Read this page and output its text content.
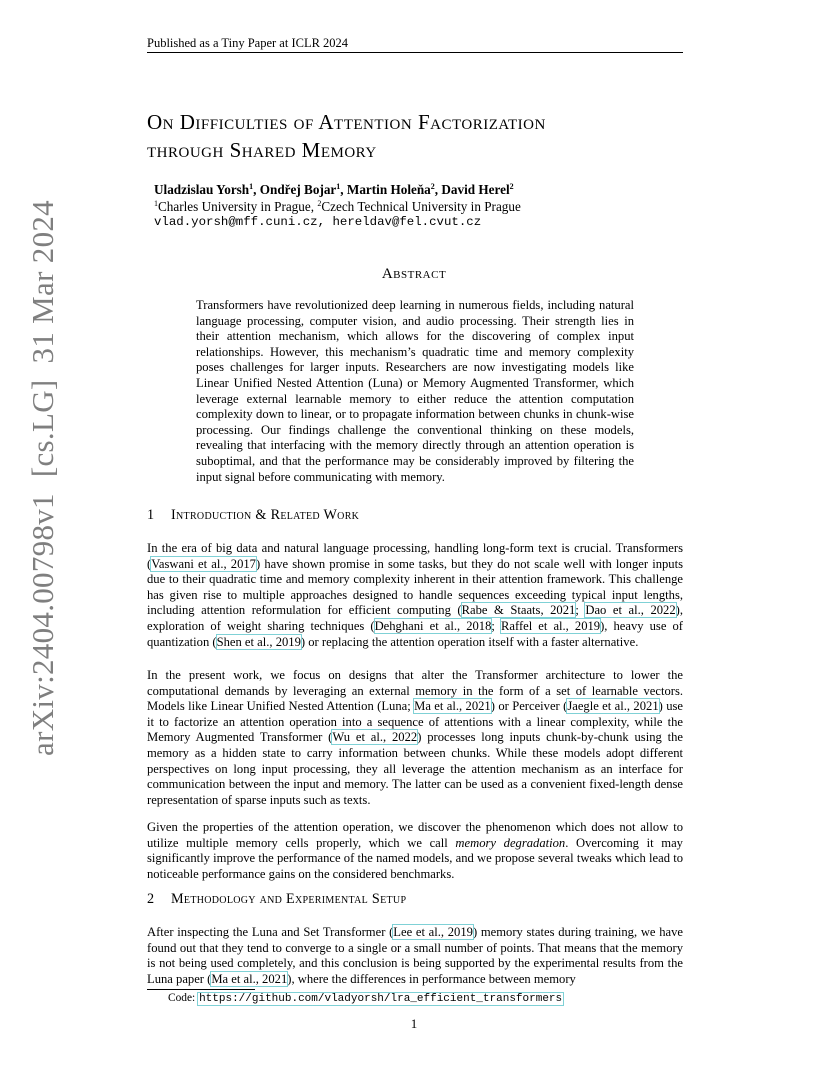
Published as a Tiny Paper at ICLR 2024
On Difficulties of Attention Factorization
through Shared Memory
Uladzislau Yorsh$^1$, Ondřej Bojar$^1$, Martin Holeňa$^2$, David Herel$^2$
$^1$Charles University in Prague, $^2$Czech Technical University in Prague
vlad.yorsh@mff.cuni.cz, hereldav@fel.cvut.cz
Abstract
Transformers have revolutionized deep learning in numerous fields, including natural language processing, computer vision, and audio processing. Their strength lies in their attention mechanism, which allows for the discovering of complex input relationships. However, this mechanism’s quadratic time and memory complexity poses challenges for larger inputs. Researchers are now investigating models like Linear Unified Nested Attention (Luna) or Memory Augmented Transformer, which leverage external learnable memory to either reduce the attention computation complexity down to linear, or to propagate information between chunks in chunk-wise processing. Our findings challenge the conventional thinking on these models, revealing that interfacing with the memory directly through an attention operation is suboptimal, and that the performance may be considerably improved by filtering the input signal before communicating with memory.
1 Introduction & Related Work
In the era of big data and natural language processing, handling long-form text is crucial. Transformers (Vaswani et al., 2017) have shown promise in some tasks, but they do not scale well with longer inputs due to their quadratic time and memory complexity inherent in their attention framework. This challenge has given rise to multiple approaches designed to handle sequences exceeding typical input lengths, including attention reformulation for efficient computing (Rabe & Staats, 2021; Dao et al., 2022), exploration of weight sharing techniques (Dehghani et al., 2018; Raffel et al., 2019), heavy use of quantization (Shen et al., 2019) or replacing the attention operation itself with a faster alternative.
In the present work, we focus on designs that alter the Transformer architecture to lower the computational demands by leveraging an external memory in the form of a set of learnable vectors. Models like Linear Unified Nested Attention (Luna; Ma et al., 2021) or Perceiver (Jaegle et al., 2021) use it to factorize an attention operation into a sequence of attentions with a linear complexity, while the Memory Augmented Transformer (Wu et al., 2022) processes long inputs chunk-by-chunk using the memory as a hidden state to carry information between chunks. While these models adopt different perspectives on long input processing, they all leverage the attention mechanism as an interface for communication between the input and memory. The latter can be used as a convenient fixed-length dense representation of sparse inputs such as texts.
Given the properties of the attention operation, we discover the phenomenon which does not allow to utilize multiple memory cells properly, which we call memory degradation. Overcoming it may significantly improve the performance of the named models, and we propose several tweaks which lead to noticeable performance gains on the considered benchmarks.
2 Methodology and Experimental Setup
After inspecting the Luna and Set Transformer (Lee et al., 2019) memory states during training, we have found out that they tend to converge to a single or a small number of points. That means that the memory is not being used completely, and this conclusion is being supported by the experimental results from the Luna paper (Ma et al., 2021), where the differences in performance between memory
Code: https://github.com/vladyorsh/lra_efficient_transformers
1
arXiv:2404.00798v1[cs.LG]31 Mar 2024
